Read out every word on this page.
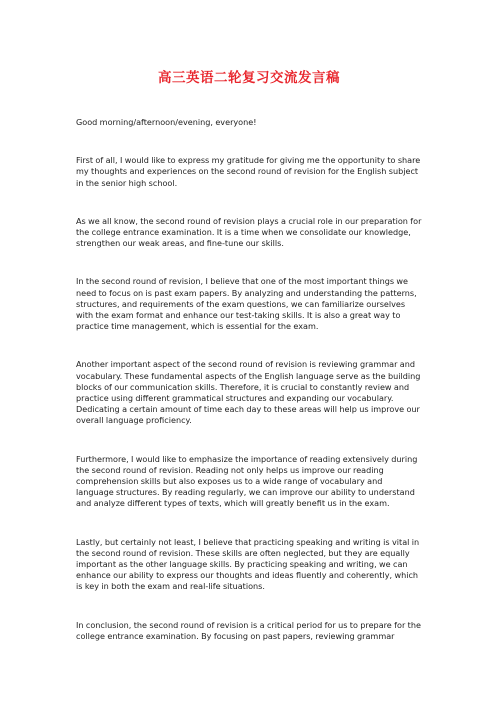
高三英语二轮复习交流发言稿

Good morning/afternoon/evening, everyone!

First of all, I would like to express my gratitude for giving me the opportunity to share my thoughts and experiences on the second round of revision for the English subject in the senior high school.

As we all know, the second round of revision plays a crucial role in our preparation for the college entrance examination. It is a time when we consolidate our knowledge, strengthen our weak areas, and fine-tune our skills.

In the second round of revision, I believe that one of the most important things we need to focus on is past exam papers. By analyzing and understanding the patterns, structures, and requirements of the exam questions, we can familiarize ourselves with the exam format and enhance our test-taking skills. It is also a great way to practice time management, which is essential for the exam.

Another important aspect of the second round of revision is reviewing grammar and vocabulary. These fundamental aspects of the English language serve as the building blocks of our communication skills. Therefore, it is crucial to constantly review and practice using different grammatical structures and expanding our vocabulary. Dedicating a certain amount of time each day to these areas will help us improve our overall language proficiency.

Furthermore, I would like to emphasize the importance of reading extensively during the second round of revision. Reading not only helps us improve our reading comprehension skills but also exposes us to a wide range of vocabulary and language structures. By reading regularly, we can improve our ability to understand and analyze different types of texts, which will greatly benefit us in the exam.

Lastly, but certainly not least, I believe that practicing speaking and writing is vital in the second round of revision. These skills are often neglected, but they are equally important as the other language skills. By practicing speaking and writing, we can enhance our ability to express our thoughts and ideas fluently and coherently, which is key in both the exam and real-life situations.

In conclusion, the second round of revision is a critical period for us to prepare for the college entrance examination. By focusing on past papers, reviewing grammar
